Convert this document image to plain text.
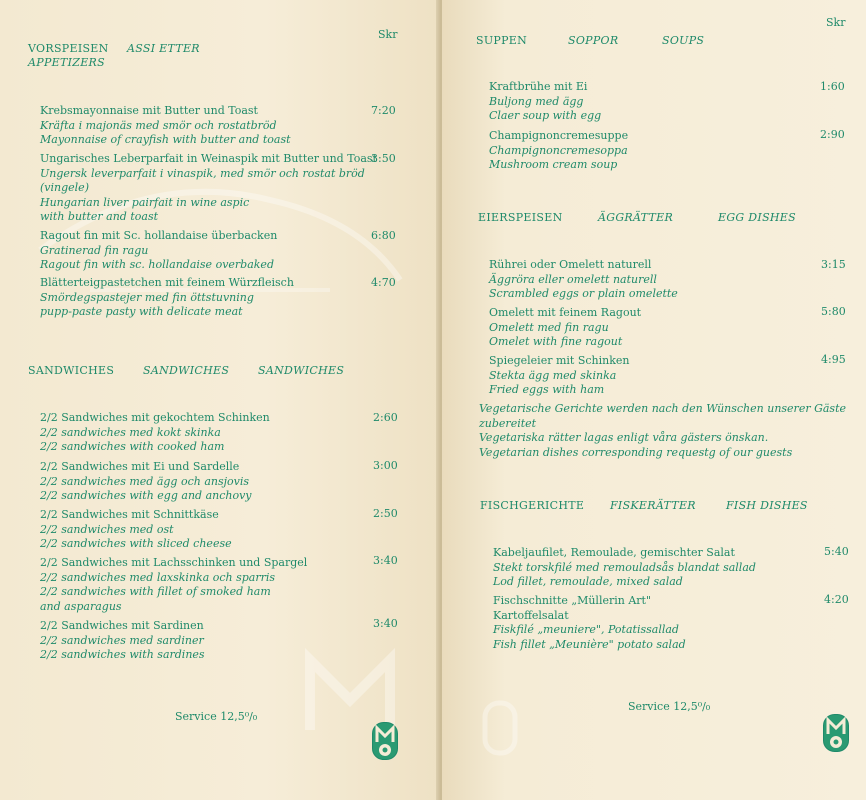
Skr
VORSPEISEN ASSI ETTER
APPETIZERS
Krebsmayonnaise mit Butter und Toast
Kräfta i majonäs med smör och rostatbröd
Mayonnaise of crayfish with butter and toast
7:20
Ungarisches Leberparfait in Weinaspik mit Butter und Toast
Ungersk leverparfait i vinaspik, med smör och rostat bröd
(vingele)
Hungarian liver pairfait in wine aspic
with butter and toast
3:50
Ragout fin mit Sc. hollandaise überbacken
Gratinerad fin ragu
Ragout fin with sc. hollandaise overbaked
6:80
Blätterteigpastetchen mit feinem Würzfleisch
Smördegspastejer med fin öttstuvning
pupp-paste pasty with delicate meat
4:70
SANDWICHES	SANDWICHES	SANDWICHES
2/2 Sandwiches mit gekochtem Schinken
2/2 sandwiches med kokt skinka
2/2 sandwiches with cooked ham
2:60
2/2 Sandwiches mit Ei und Sardelle
2/2 sandwiches med ägg och ansjovis
2/2 sandwiches with egg and anchovy
3:00
2/2 Sandwiches mit Schnittkäse
2/2 sandwiches med ost
2/2 sandwiches with sliced cheese
2:50
2/2 Sandwiches mit Lachsschinken und Spargel
2/2 sandwiches med laxskinka och sparris
2/2 sandwiches with fillet of smoked ham
and asparagus
3:40
2/2 Sandwiches mit Sardinen
2/2 sandwiches med sardiner
2/2 sandwiches with sardines
3:40
Service 12,5⁰/₀
Skr
SUPPEN	SOPPOR	SOUPS
Kraftbrühe mit Ei
Buljong med ägg
Claer soup with egg
1:60
Champignoncremesuppe
Champignoncremesoppa
Mushroom cream soup
2:90
EIERSPEISEN	ÄGGRÄTTER	EGG DISHES
Rührei oder Omelett naturell
Äggröra eller omelett naturell
Scrambled eggs or plain omelette
3:15
Omelett mit feinem Ragout
Omelett med fin ragu
Omelet with fine ragout
5:80
Spiegeleier mit Schinken
Stekta ägg med skinka
Fried eggs with ham
4:95
Vegetarische Gerichte werden nach den Wünschen unserer Gäste
zubereitet
Vegetariska rätter lagas enligt våra gästers önskan.
Vegetarian dishes corresponding requestg of our guests
FISCHGERICHTE FISKERÄTTER	FISH DISHES
Kabeljaufilet, Remoulade, gemischter Salat
Stekt torskfilé med remouladsås blandat sallad
Lod fillet, remoulade, mixed salad
5:40
Fischschnitte „Müllerin Art"
Kartoffelsalat
Fiskfilé „meuniere", Potatissallad
Fish fillet „Meunière" potato salad
4:20
Service 12,5⁰/₀
